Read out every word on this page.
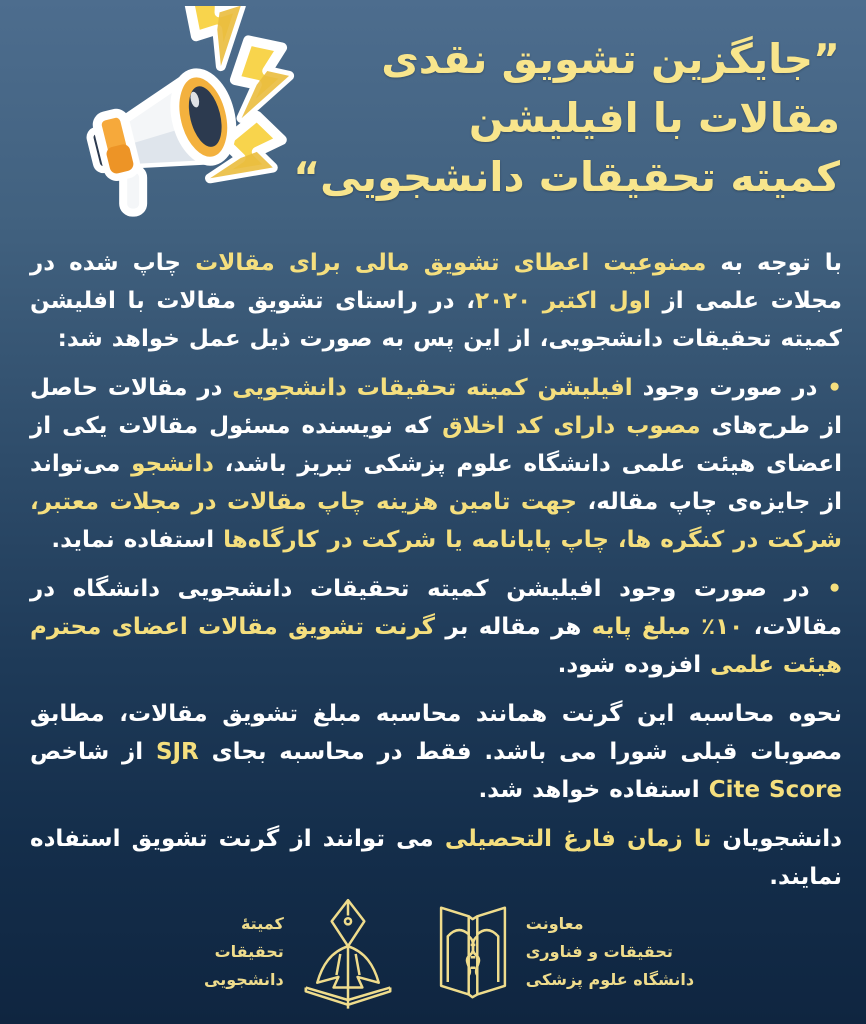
”جایگزین تشویق نقدی
مقالات با افیلیشن
کمیته تحقیقات دانشجویی“

با توجه به ممنوعیت اعطای تشویق مالی برای مقالات چاپ شده در مجلات علمی از اول اکتبر ۲۰۲۰، در راستای تشویق مقالات با افلیشن کمیته تحقیقات دانشجویی، از این پس به صورت ذیل عمل خواهد شد:

• در صورت وجود افیلیشن کمیته تحقیقات دانشجویی در مقالات حاصل از طرح‌های مصوب دارای کد اخلاق که نویسنده مسئول مقالات یکی از اعضای هیئت علمی دانشگاه علوم پزشکی تبریز باشد، دانشجو می‌تواند از جایزه‌ی چاپ مقاله، جهت تامین هزینه چاپ مقالات در مجلات معتبر، شرکت در کنگره ها، چاپ پایانامه یا شرکت در کارگاه‌ها استفاده نماید.

• در صورت وجود افیلیشن کمیته تحقیقات دانشجویی دانشگاه در مقالات، ۱۰٪ مبلغ پایه هر مقاله بر گرنت تشویق مقالات اعضای محترم هیئت علمی افزوده شود.

نحوه محاسبه این گرنت همانند محاسبه مبلغ تشویق مقالات، مطابق مصوبات قبلی شورا می باشد. فقط در محاسبه بجای SJR از شاخص Cite Score استفاده خواهد شد.

دانشجویان تا زمان فارغ التحصیلی می توانند از گرنت تشویق استفاده نمایند.

کمیتهٔ
تحقیقات
دانشجویی
معاونت
تحقیقات و فناوری
دانشگاه علوم پزشکی
